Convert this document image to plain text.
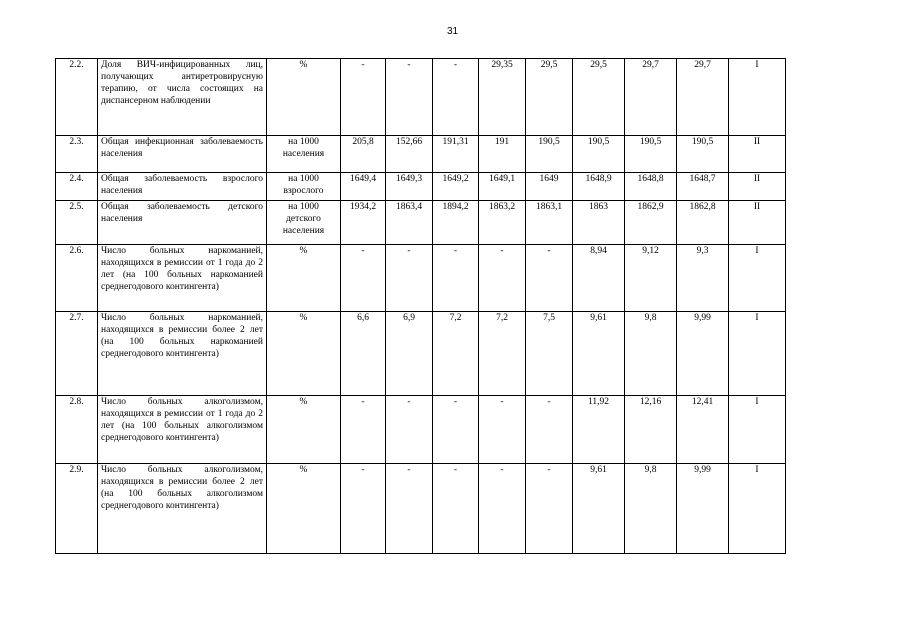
31
2.2.	Доля ВИЧ-инфицированных лиц, получающих антиретровирусную терапию, от числа состоящих на диспансерном наблюдении	%	-	-	-	29,35	29,5	29,5	29,7	29,7	I
2.3.	Общая инфекционная заболеваемость населения	на 1000 населения	205,8	152,66	191,31	191	190,5	190,5	190,5	190,5	II
2.4.	Общая заболеваемость взрослого населения	на 1000 взрослого	1649,4	1649,3	1649,2	1649,1	1649	1648,9	1648,8	1648,7	II
2.5.	Общая заболеваемость детского населения	на 1000 детского населения	1934,2	1863,4	1894,2	1863,2	1863,1	1863	1862,9	1862,8	II
2.6.	Число больных наркоманией, находящихся в ремиссии от 1 года до 2 лет (на 100 больных наркоманией среднегодового контингента)	%	-	-	-	-	-	8,94	9,12	9,3	I
2.7.	Число больных наркоманией, находящихся в ремиссии более 2 лет (на 100 больных наркоманией среднегодового контингента)	%	6,6	6,9	7,2	7,2	7,5	9,61	9,8	9,99	I
2.8.	Число больных алкоголизмом, находящихся в ремиссии от 1 года до 2 лет (на 100 больных алкоголизмом среднегодового контингента)	%	-	-	-	-	-	11,92	12,16	12,41	I
2.9.	Число больных алкоголизмом, находящихся в ремиссии более 2 лет (на 100 больных алкоголизмом среднегодового контингента)	%	-	-	-	-	-	9,61	9,8	9,99	I
